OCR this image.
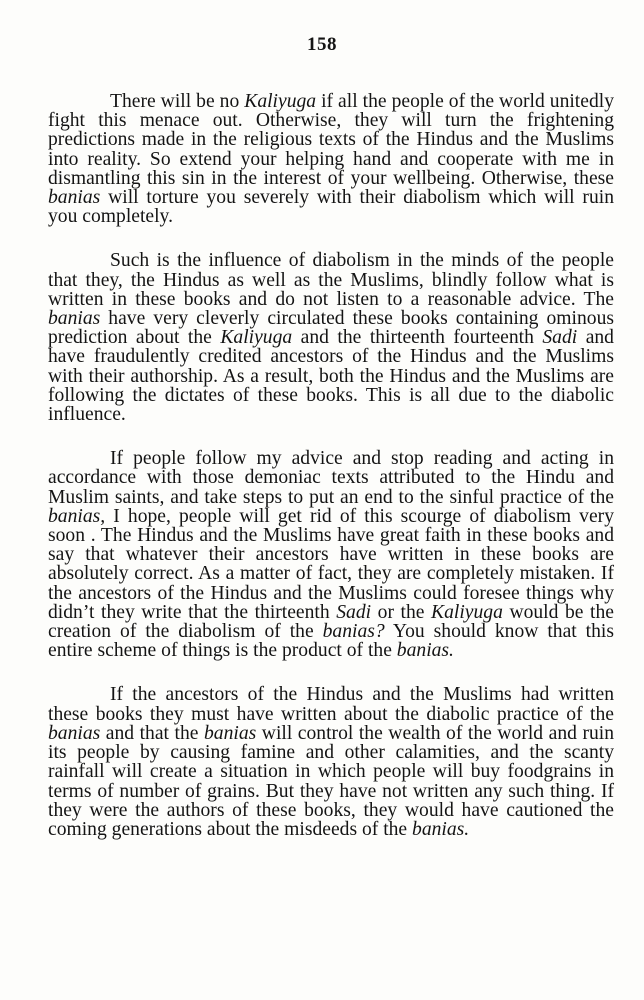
158

There will be no Kaliyuga if all the people of the world unitedly fight this menace out. Otherwise, they will turn the frightening predictions made in the religious texts of the Hindus and the Muslims into reality. So extend your helping hand and cooperate with me in dismantling this sin in the interest of your wellbeing. Otherwise, these banias will torture you severely with their diabolism which will ruin you completely.

Such is the influence of diabolism in the minds of the people that they, the Hindus as well as the Muslims, blindly follow what is written in these books and do not listen to a reasonable advice. The banias have very cleverly circulated these books containing ominous prediction about the Kaliyuga and the thirteenth fourteenth Sadi and have fraudulently credited ancestors of the Hindus and the Muslims with their authorship. As a result, both the Hindus and the Muslims are following the dictates of these books. This is all due to the diabolic influence.

If people follow my advice and stop reading and acting in accordance with those demoniac texts attributed to the Hindu and Muslim saints, and take steps to put an end to the sinful practice of the banias, I hope, people will get rid of this scourge of diabolism very soon . The Hindus and the Muslims have great faith in these books and say that whatever their ancestors have written in these books are absolutely correct. As a matter of fact, they are completely mistaken. If the ancestors of the Hindus and the Muslims could foresee things why didn’t they write that the thirteenth Sadi or the Kaliyuga would be the creation of the diabolism of the banias? You should know that this entire scheme of things is the product of the banias.

If the ancestors of the Hindus and the Muslims had written these books they must have written about the diabolic practice of the banias and that the banias will control the wealth of the world and ruin its people by causing famine and other calamities, and the scanty rainfall will create a situation in which people will buy foodgrains in terms of number of grains. But they have not written any such thing. If they were the authors of these books, they would have cautioned the coming generations about the misdeeds of the banias.
